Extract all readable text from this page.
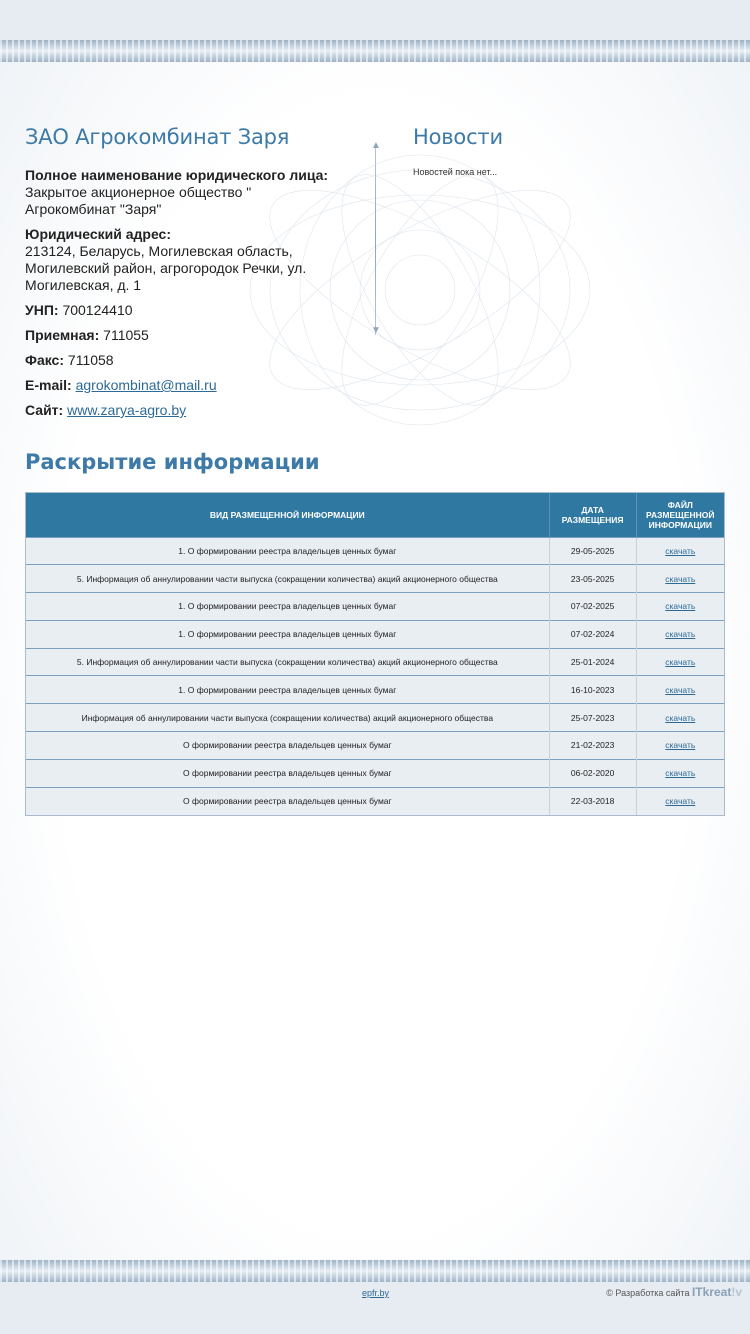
▲
▼
ЗАО Агрокомбинат Заря
Полное наименование юридического лица:
Закрытое акционерное общество " Агрокомбинат "Заря"
Юридический адрес:
213124, Беларусь, Могилевская область, Могилевский район, агрогородок Речки, ул. Могилевская, д. 1
УНП: 700124410
Приемная: 711055
Факс: 711058
E-mail: agrokombinat@mail.ru
Сайт: www.zarya-agro.by
Новости
Новостей пока нет...
Раскрытие информации
ВИД РАЗМЕЩЕННОЙ ИНФОРМАЦИИ	ДАТА РАЗМЕЩЕНИЯ	ФАЙЛ РАЗМЕЩЕННОЙ ИНФОРМАЦИИ
1. О формировании реестра владельцев ценных бумаг	29-05-2025	скачать
5. Информация об аннулировании части выпуска (сокращении количества) акций акционерного общества	23-05-2025	скачать
1. О формировании реестра владельцев ценных бумаг	07-02-2025	скачать
1. О формировании реестра владельцев ценных бумаг	07-02-2024	скачать
5. Информация об аннулировании части выпуска (сокращении количества) акций акционерного общества	25-01-2024	скачать
1. О формировании реестра владельцев ценных бумаг	16-10-2023	скачать
Информация об аннулировании части выпуска (сокращении количества) акций акционерного общества	25-07-2023	скачать
О формировании реестра владельцев ценных бумаг	21-02-2023	скачать
О формировании реестра владельцев ценных бумаг	06-02-2020	скачать
О формировании реестра владельцев ценных бумаг	22-03-2018	скачать
epfr.by	© Разработка сайта ITkreat!v
